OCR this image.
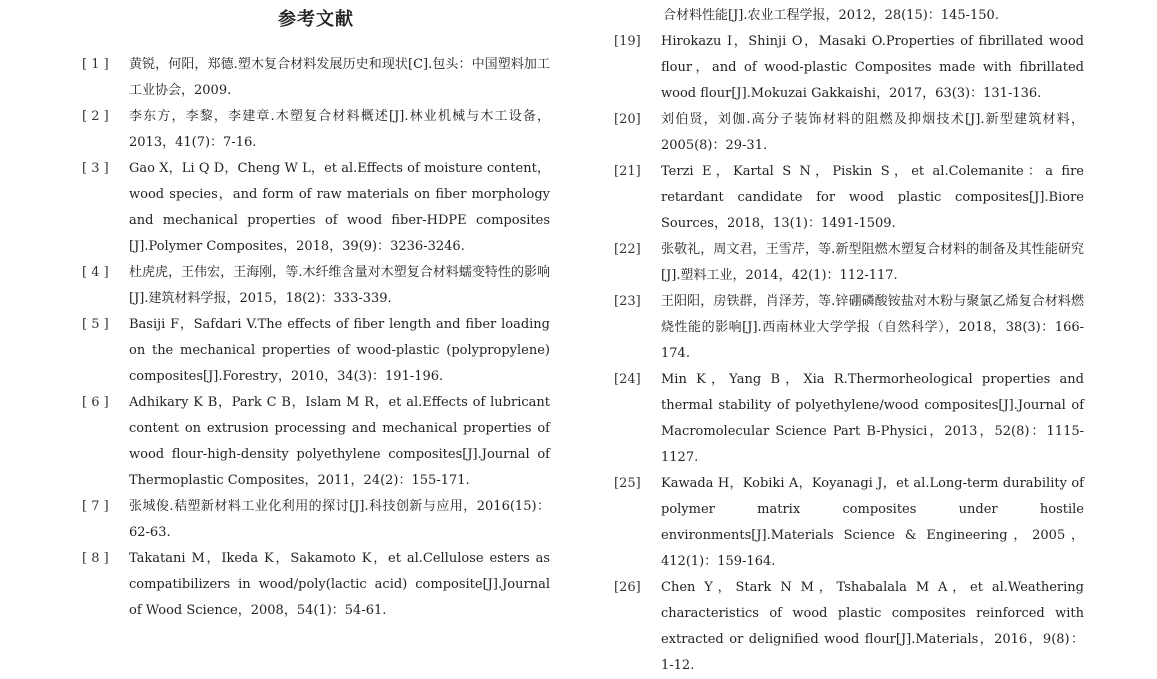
参考文献
[ 1 ]	黄锐，何阳，郑德.塑木复合材料发展历史和现状[C].包头：中国塑料加工工业协会，2009.
[ 2 ]	李东方，李黎，李建章.木塑复合材料概述[J].林业机械与木工设备，2013，41(7)：7-16.
[ 3 ]	Gao X，Li Q D，Cheng W L，et al.Effects of moisture content，wood species，and form of raw materials on fiber morphology and mechanical properties of wood fiber-HDPE composites [J].Polymer Composites，2018，39(9)：3236-3246.
[ 4 ]	杜虎虎，王伟宏，王海刚，等.木纤维含量对木塑复合材料蠕变特性的影响[J].建筑材料学报，2015，18(2)：333-339.
[ 5 ]	Basiji F，Safdari V.The effects of fiber length and fiber loading on the mechanical properties of wood-plastic (polypropylene) composites[J].Forestry，2010，34(3)：191-196.
[ 6 ]	Adhikary K B，Park C B，Islam M R，et al.Effects of lubricant content on extrusion processing and mechanical properties of wood flour-high-density polyethylene composites[J].Journal of Thermoplastic Composites，2011，24(2)：155-171.
[ 7 ]	张城俊.秸塑新材料工业化利用的探讨[J].科技创新与应用，2016(15)：62-63.
[ 8 ]	Takatani M，Ikeda K，Sakamoto K，et al.Cellulose esters as compatibilizers in wood/poly(lactic acid) composite[J].Journal of Wood Science，2008，54(1)：54-61.
合材料性能[J].农业工程学报，2012，28(15)：145-150.
[19]	Hirokazu I，Shinji O，Masaki O.Properties of fibrillated wood flour，and of wood-plastic Composites made with fibrillated wood flour[J].Mokuzai Gakkaishi，2017，63(3)：131-136.
[20]	刘伯贤，刘伽.高分子装饰材料的阻燃及抑烟技术[J].新型建筑材料，2005(8)：29-31.
[21]	Terzi E，Kartal S N，Piskin S，et al.Colemanite：a fire retardant candidate for wood plastic composites[J].Biore Sources，2018，13(1)：1491-1509.
[22]	张敬礼，周文君，王雪芹，等.新型阻燃木塑复合材料的制备及其性能研究[J].塑料工业，2014，42(1)：112-117.
[23]	王阳阳，房铁群，肖泽芳，等.锌硼磷酸铵盐对木粉与聚氯乙烯复合材料燃烧性能的影响[J].西南林业大学学报（自然科学），2018，38(3)：166-174.
[24]	Min K，Yang B，Xia R.Thermorheological properties and thermal stability of polyethylene/wood composites[J].Journal of Macromolecular Science Part B-Physici，2013，52(8)：1115-1127.
[25]	Kawada H，Kobiki A，Koyanagi J，et al.Long-term durability of polymer matrix composites under hostile environments[J].Materials Science & Engineering，2005，412(1)：159-164.
[26]	Chen Y，Stark N M，Tshabalala M A，et al.Weathering characteristics of wood plastic composites reinforced with extracted or delignified wood flour[J].Materials，2016，9(8)：1-12.
